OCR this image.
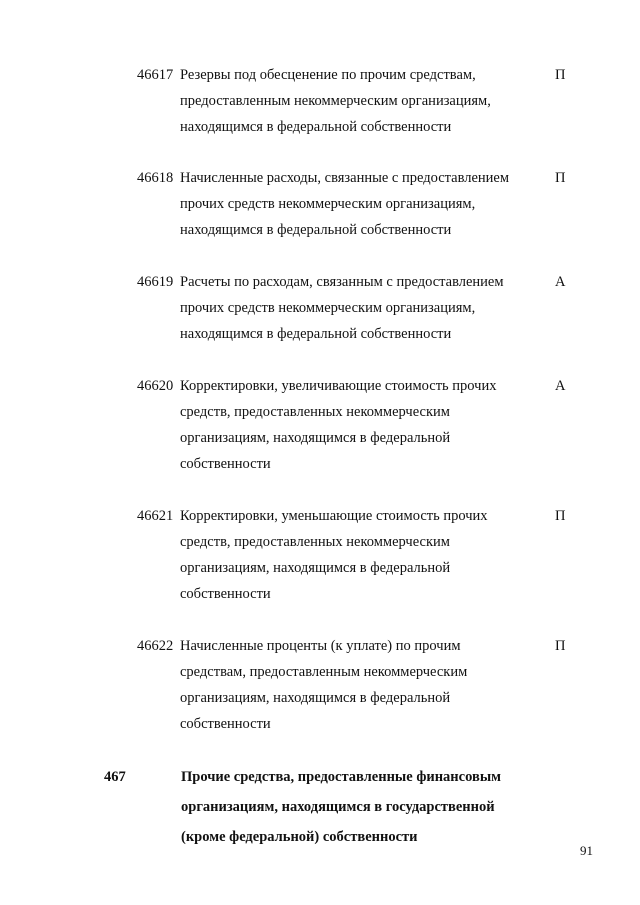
46617 Резервы под обесценение по прочим средствам,
предоставленным некоммерческим организациям,
находящимся в федеральной собственности
П
46618 Начисленные расходы, связанные с предоставлением
прочих средств некоммерческим организациям,
находящимся в федеральной собственности
П
46619 Расчеты по расходам, связанным с предоставлением
прочих средств некоммерческим организациям,
находящимся в федеральной собственности
А
46620 Корректировки, увеличивающие стоимость прочих
средств, предоставленных некоммерческим
организациям, находящимся в федеральной
собственности
А
46621 Корректировки, уменьшающие стоимость прочих
средств, предоставленных некоммерческим
организациям, находящимся в федеральной
собственности
П
46622 Начисленные проценты (к уплате) по прочим
средствам, предоставленным некоммерческим
организациям, находящимся в федеральной
собственности
П
467	Прочие средства, предоставленные финансовым
организациям, находящимся в государственной
(кроме федеральной) собственности
91
